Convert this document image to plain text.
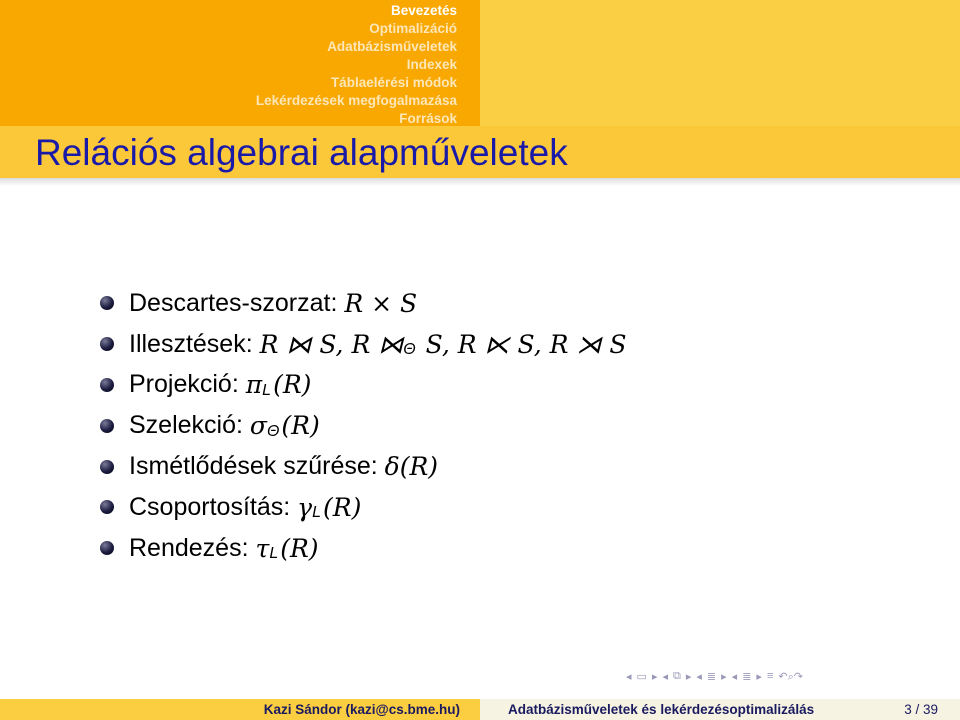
Bevezetés
Optimalizáció
Adatbázisműveletek
Indexek
Táblaelérési módok
Lekérdezések megfogalmazása
Források
Relációs algebrai alapműveletek
Descartes-szorzat: R × S
Illesztések: R ⋈ S, R ⋈ Θ S, R ⋉ S, R ⋊ S
Projekció: π L (R)
Szelekció: σ Θ (R)
Ismétlődések szűrése: δ(R)
Csoportosítás: γ L (R)
Rendezés: τ L (R)
◂ ▭ ▸ ◂ ⧉ ▸ ◂ ≣ ▸ ◂ ≣ ▸ ≡ ↶⌕↷
Kazi Sándor (kazi@cs.bme.hu)	Adatbázisműveletek és lekérdezésoptimalizálás	3 / 39
